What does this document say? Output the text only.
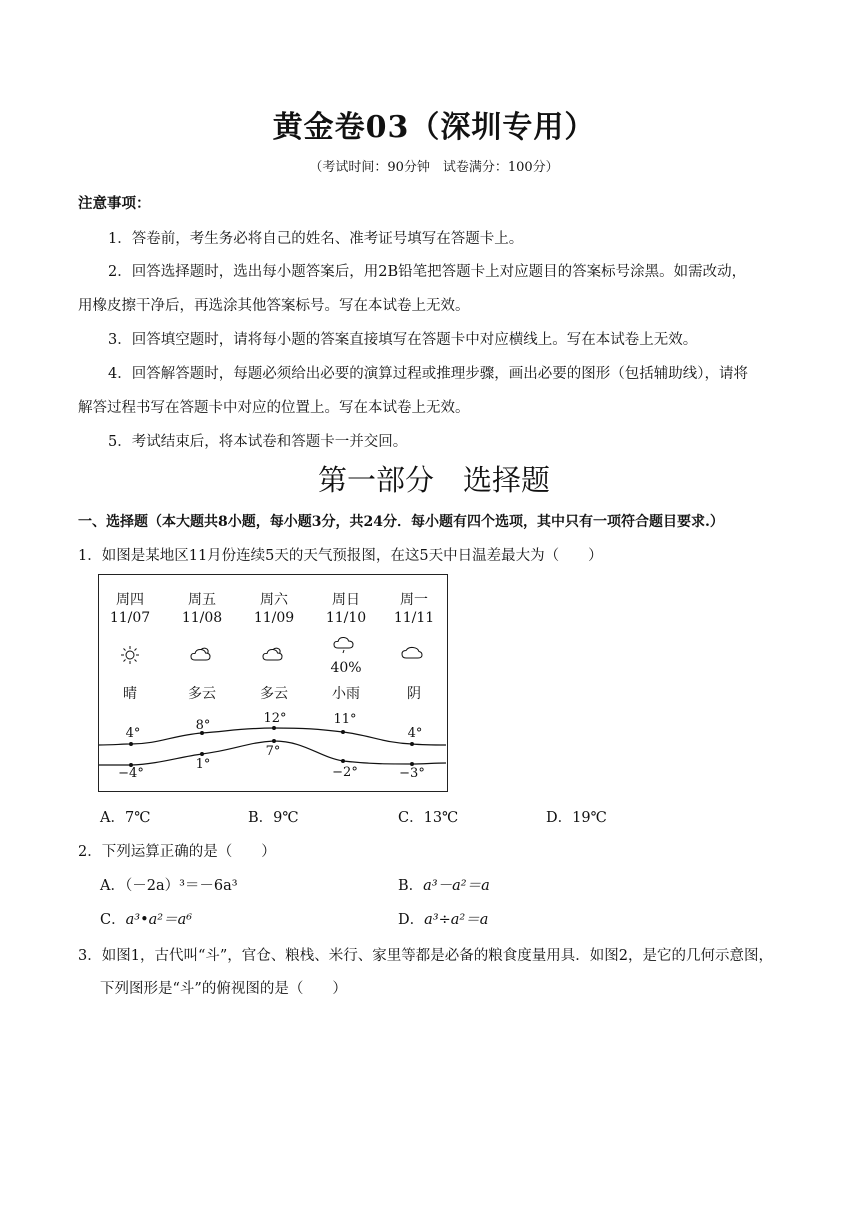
黄金卷03（深圳专用）
（考试时间：90分钟　试卷满分：100分）
注意事项：
1．答卷前，考生务必将自己的姓名、准考证号填写在答题卡上。
2．回答选择题时，选出每小题答案后，用2B铅笔把答题卡上对应题目的答案标号涂黑。如需改动，
用橡皮擦干净后，再选涂其他答案标号。写在本试卷上无效。
3．回答填空题时，请将每小题的答案直接填写在答题卡中对应横线上。写在本试卷上无效。
4．回答解答题时，每题必须给出必要的演算过程或推理步骤，画出必要的图形（包括辅助线），请将
解答过程书写在答题卡中对应的位置上。写在本试卷上无效。
5．考试结束后，将本试卷和答题卡一并交回。
第一部分　选择题
一、选择题（本大题共8小题，每小题3分，共24分．每小题有四个选项，其中只有一项符合题目要求.）
1．如图是某地区11月份连续5天的天气预报图，在这5天中日温差最大为（　　）
周四	周五	周六	周日	周一
11/07	11/08	11/09	11/10	11/11
40%
晴	多云	多云	小雨	阴
4°
8°	12°	11°
4°
−4°
1°
7°
−2°	−3°
A．7℃	B．9℃	C．13℃	D．19℃
2．下列运算正确的是（　　）
A．（－2a）³＝－6a³	B．a³－a²＝a
C．a³•a²＝a⁶	D．a³÷a²＝a
3．如图1，古代叫“斗”，官仓、粮栈、米行、家里等都是必备的粮食度量用具．如图2，是它的几何示意图，
下列图形是“斗”的俯视图的是（　　）
